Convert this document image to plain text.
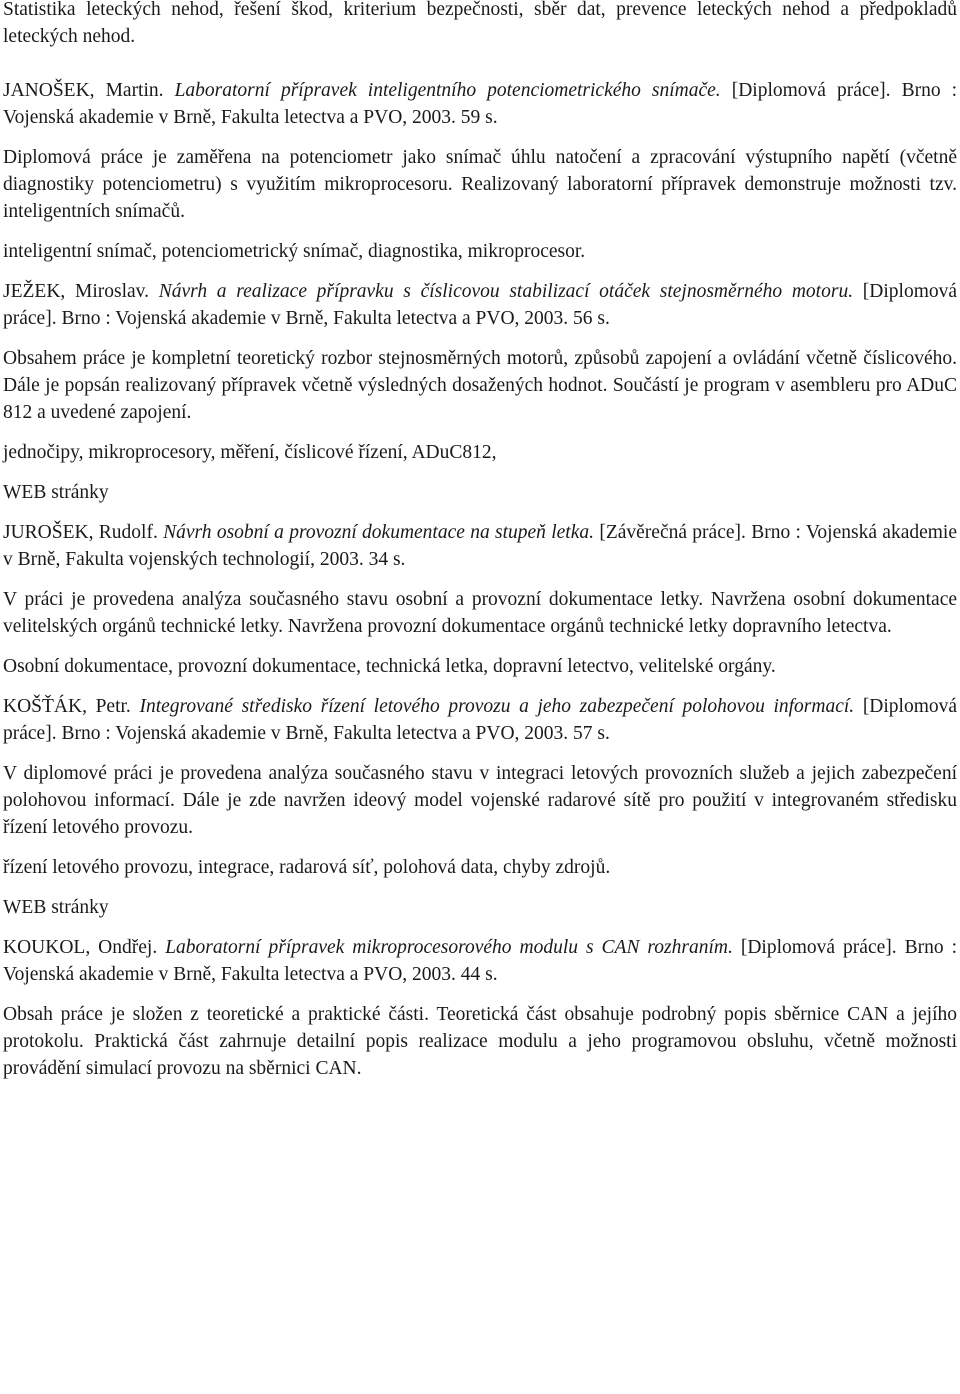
Statistika leteckých nehod, řešení škod, kriterium bezpečnosti, sběr dat, prevence leteckých nehod a předpokladů leteckých nehod.

JANOŠEK, Martin. Laboratorní přípravek inteligentního potenciometrického snímače. [Diplomová práce]. Brno : Vojenská akademie v Brně, Fakulta letectva a PVO, 2003. 59 s.

Diplomová práce je zaměřena na potenciometr jako snímač úhlu natočení a zpracování výstupního napětí (včetně diagnostiky potenciometru) s využitím mikroprocesoru. Realizovaný laboratorní přípravek demonstruje možnosti tzv. inteligentních snímačů.

inteligentní snímač, potenciometrický snímač, diagnostika, mikroprocesor.

JEŽEK, Miroslav. Návrh a realizace přípravku s číslicovou stabilizací otáček stejnosměrného motoru. [Diplomová práce]. Brno : Vojenská akademie v Brně, Fakulta letectva a PVO, 2003. 56 s.

Obsahem práce je kompletní teoretický rozbor stejnosměrných motorů, způsobů zapojení a ovládání včetně číslicového. Dále je popsán realizovaný přípravek včetně výsledných dosažených hodnot. Součástí je program v asembleru pro ADuC 812 a uvedené zapojení.

jednočipy, mikroprocesory, měření, číslicové řízení, ADuC812,

WEB stránky

JUROŠEK, Rudolf. Návrh osobní a provozní dokumentace na stupeň letka. [Závěrečná práce]. Brno : Vojenská akademie v Brně, Fakulta vojenských technologií, 2003. 34 s.

V práci je provedena analýza současného stavu osobní a provozní dokumentace letky. Navržena osobní dokumentace velitelských orgánů technické letky. Navržena provozní dokumentace orgánů technické letky dopravního letectva.

Osobní dokumentace, provozní dokumentace, technická letka, dopravní letectvo, velitelské orgány.

KOŠŤÁK, Petr. Integrované středisko řízení letového provozu a jeho zabezpečení polohovou informací. [Diplomová práce]. Brno : Vojenská akademie v Brně, Fakulta letectva a PVO, 2003. 57 s.

V diplomové práci je provedena analýza současného stavu v integraci letových provozních služeb a jejich zabezpečení polohovou informací. Dále je zde navržen ideový model vojenské radarové sítě pro použití v integrovaném středisku řízení letového provozu.

řízení letového provozu, integrace, radarová síť, polohová data, chyby zdrojů.

WEB stránky

KOUKOL, Ondřej. Laboratorní přípravek mikroprocesorového modulu s CAN rozhraním. [Diplomová práce]. Brno : Vojenská akademie v Brně, Fakulta letectva a PVO, 2003. 44 s.

Obsah práce je složen z teoretické a praktické části. Teoretická část obsahuje podrobný popis sběrnice CAN a jejího protokolu. Praktická část zahrnuje detailní popis realizace modulu a jeho programovou obsluhu, včetně možnosti provádění simulací provozu na sběrnici CAN.
